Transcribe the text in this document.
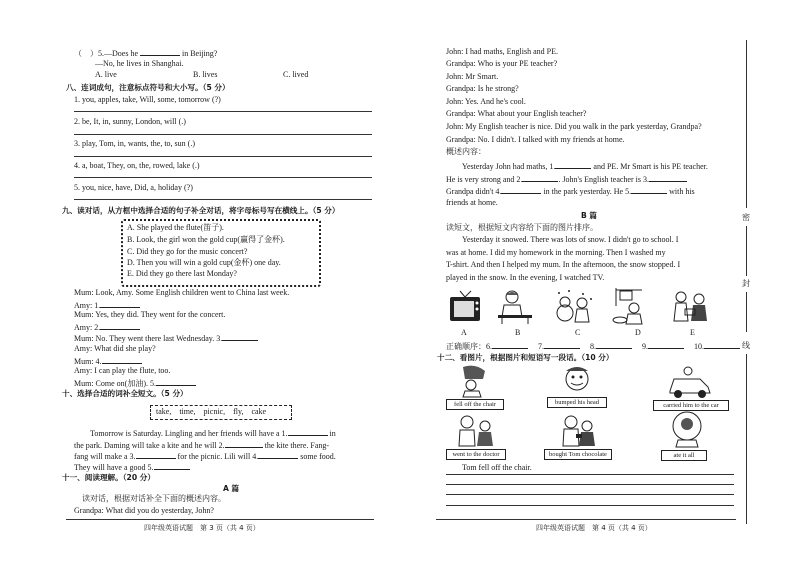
（　）5.—Does he	in Beijing?
—No, he lives in Shanghai.
A. live	B. lives	C. lived
八、连词成句，注意标点符号和大小写。（5 分）
1. you, apples, take, Will, some, tomorrow (?)
2. be, It, in, sunny, London, will (.)
3. play, Tom, in, wants, the, to, sun (.)
4. a, boat, They, on, the, rowed, lake (.)
5. you, nice, have, Did, a, holiday (?)
九、读对话，从方框中选择合适的句子补全对话，将字母标号写在横线上。（5 分）
A. She played the flute(笛子).
B. Look, the girl won the gold cup(赢得了金杯).
C. Did they go for the music concert?
D. Then you will win a gold cup(金杯) one day.
E. Did they go there last Monday?
Mum: Look, Amy. Some English children went to China last week.
Amy: 1.
Mum: Yes, they did. They went for the concert.
Amy: 2.
Mum: No. They went there last Wednesday. 3.
Amy: What did she play?
Mum: 4.
Amy: I can play the flute, too.
Mum: Come on(加油). 5.
十、选择合适的词补全短文。（5 分）
take,　time,　picnic,　fly,　cake
Tomorrow is Saturday. Lingling and her friends will have a 1.	in
the park. Daming will take a kite and he will 2.	the kite there. Fang-
fang will make a 3.	for the picnic. Lili will 4.	some food.
They will have a good 5.
十一、阅读理解。（20 分）
A 篇
读对话，根据对话补全下面的概述内容。
Grandpa: What did you do yesterday, John?
四年级英语试题　第 3 页（共 4 页）
John: I had maths, English and PE.
Grandpa: Who is your PE teacher?
John: Mr Smart.
Grandpa: Is he strong?
John: Yes. And he's cool.
Grandpa: What about your English teacher?
John: My English teacher is nice. Did you walk in the park yesterday, Grandpa?
Grandpa: No. I didn't. I talked with my friends at home.
概述内容：
Yesterday John had maths, 1.	and PE. Mr Smart is his PE teacher.
He is very strong and 2.	. John's English teacher is 3.
Grandpa didn't 4.	in the park yesterday. He 5.	with his
friends at home.
B 篇
读短文，根据短文内容给下面的图片排序。
Yesterday it snowed. There was lots of snow. I didn't go to school. I
was at home. I did my homework in the morning. Then I washed my
T-shirt. And then I helped my mum. In the afternoon, the snow stopped. I
played in the snow. In the evening, I watched TV.
A	B	C	D	E
正确顺序：6.	7.	8.	9.	10.
十二、看图片，根据图片和短语写一段话。（10 分）
fell off the chair	bumped his head	carried him to the car
went to the doctor	bought Tom chocolate	ate it all
Tom fell off the chair.
四年级英语试题　第 4 页（共 4 页）
密
封
线
